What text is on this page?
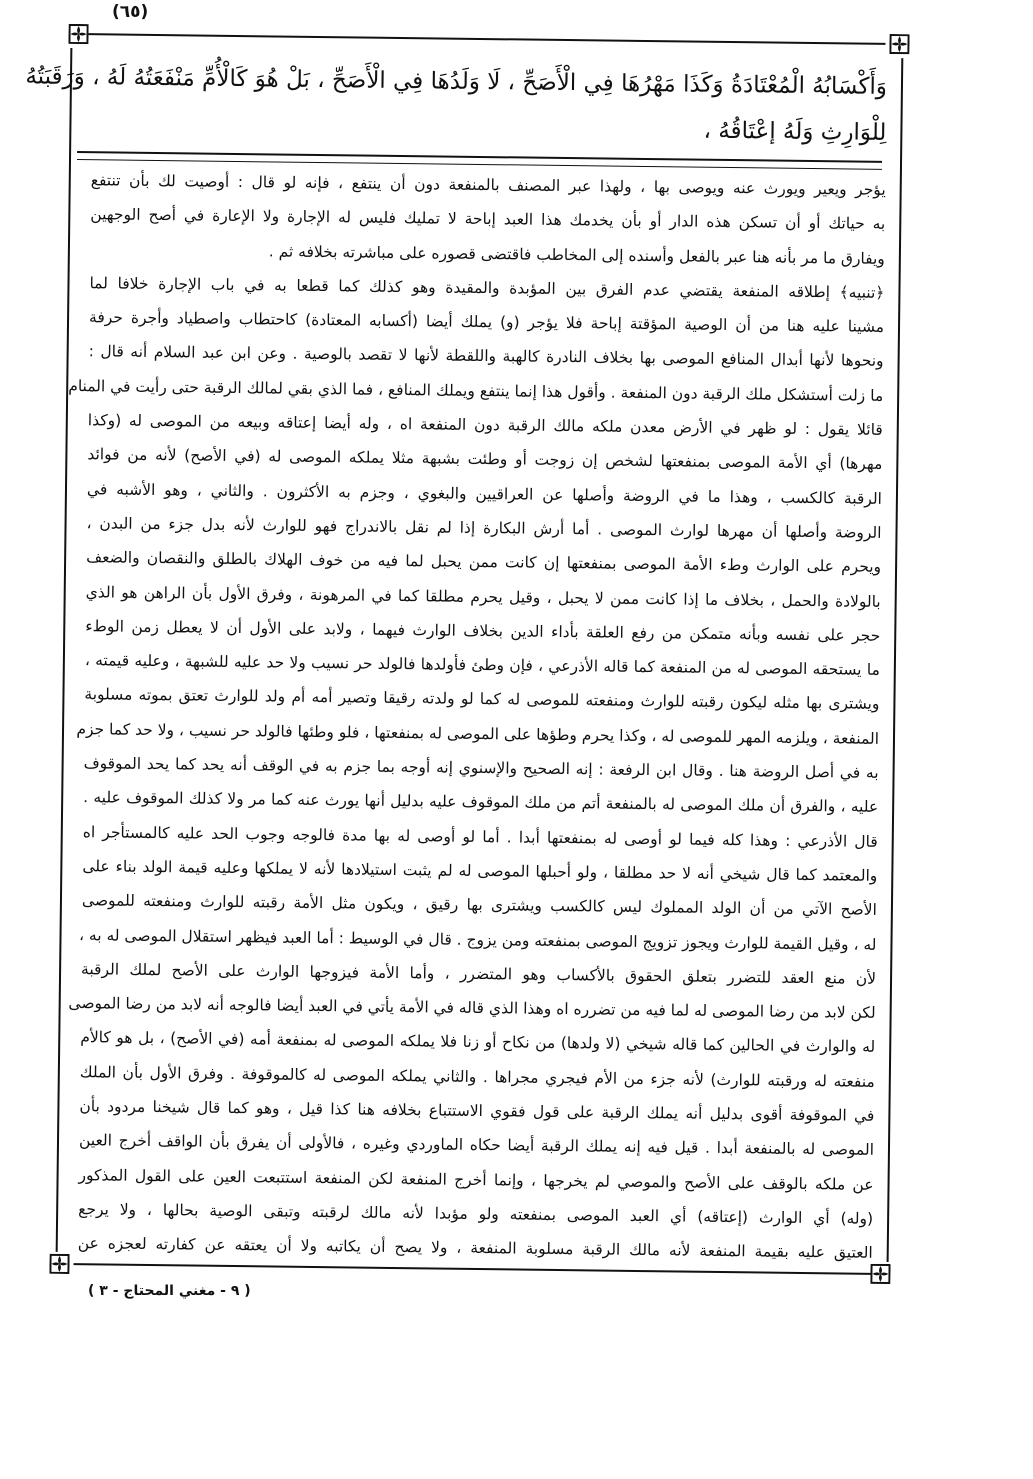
(٦٥)
وَأَكْسَابُهُ الْمُعْتَادَةُ وَكَذَا مَهْرُهَا فِي الْأَصَحِّ ، لَا وَلَدُهَا فِي الْأَصَحِّ ، بَلْ هُوَ كَالْأُمِّ مَنْفَعَتُهُ لَهُ ، وَرَقَبَتُهُ
لِلْوَارِثِ وَلَهُ إعْتَاقُهُ ،
يؤجر ويعير ويورث عنه ويوصى بها ، ولهذا عبر المصنف بالمنفعة دون أن ينتفع ، فإنه لو قال : أوصيت لك بأن تنتفع
به حياتك أو أن تسكن هذه الدار أو بأن يخدمك هذا العبد إباحة لا تمليك فليس له الإجارة ولا الإعارة في أصح الوجهين
ويفارق ما مر بأنه هنا عبر بالفعل وأسنده إلى المخاطب فاقتضى قصوره على مباشرته بخلافه ثم .
﴿تنبيه﴾ إطلاقه المنفعة يقتضي عدم الفرق بين المؤبدة والمقيدة وهو كذلك كما قطعا به في باب الإجارة خلافا لما
مشينا عليه هنا من أن الوصية المؤقتة إباحة فلا يؤجر (و) يملك أيضا (أكسابه المعتادة) كاحتطاب واصطياد وأجرة حرفة
ونحوها لأنها أبدال المنافع الموصى بها بخلاف النادرة كالهبة واللقطة لأنها لا تقصد بالوصية . وعن ابن عبد السلام أنه قال :
ما زلت أستشكل ملك الرقبة دون المنفعة . وأقول هذا إنما ينتفع ويملك المنافع ، فما الذي بقي لمالك الرقبة حتى رأيت في المنام
قائلا يقول : لو ظهر في الأرض معدن ملكه مالك الرقبة دون المنفعة اه ، وله أيضا إعتاقه وبيعه من الموصى له (وكذا
مهرها) أي الأمة الموصى بمنفعتها لشخص إن زوجت أو وطئت بشبهة مثلا يملكه الموصى له (في الأصح) لأنه من فوائد
الرقبة كالكسب ، وهذا ما في الروضة وأصلها عن العراقيين والبغوي ، وجزم به الأكثرون . والثاني ، وهو الأشبه في
الروضة وأصلها أن مهرها لوارث الموصى . أما أرش البكارة إذا لم نقل بالاندراج فهو للوارث لأنه بدل جزء من البدن ،
ويحرم على الوارث وطء الأمة الموصى بمنفعتها إن كانت ممن يحبل لما فيه من خوف الهلاك بالطلق والنقصان والضعف
بالولادة والحمل ، بخلاف ما إذا كانت ممن لا يحبل ، وقيل يحرم مطلقا كما في المرهونة ، وفرق الأول بأن الراهن هو الذي
حجر على نفسه وبأنه متمكن من رفع العلقة بأداء الدين بخلاف الوارث فيهما ، ولابد على الأول أن لا يعطل زمن الوطء
ما يستحقه الموصى له من المنفعة كما قاله الأذرعي ، فإن وطئ فأولدها فالولد حر نسيب ولا حد عليه للشبهة ، وعليه قيمته ،
ويشترى بها مثله ليكون رقبته للوارث ومنفعته للموصى له كما لو ولدته رقيقا وتصير أمه أم ولد للوارث تعتق بموته مسلوبة
المنفعة ، ويلزمه المهر للموصى له ، وكذا يحرم وطؤها على الموصى له بمنفعتها ، فلو وطئها فالولد حر نسيب ، ولا حد كما جزم
به في أصل الروضة هنا . وقال ابن الرفعة : إنه الصحيح والإسنوي إنه أوجه بما جزم به في الوقف أنه يحد كما يحد الموقوف
عليه ، والفرق أن ملك الموصى له بالمنفعة أتم من ملك الموقوف عليه بدليل أنها يورث عنه كما مر ولا كذلك الموقوف عليه .
قال الأذرعي : وهذا كله فيما لو أوصى له بمنفعتها أبدا . أما لو أوصى له بها مدة فالوجه وجوب الحد عليه كالمستأجر اه
والمعتمد كما قال شيخي أنه لا حد مطلقا ، ولو أحبلها الموصى له لم يثبت استيلادها لأنه لا يملكها وعليه قيمة الولد بناء على
الأصح الآتي من أن الولد المملوك ليس كالكسب ويشترى بها رقيق ، ويكون مثل الأمة رقبته للوارث ومنفعته للموصى
له ، وقيل القيمة للوارث ويجوز تزويج الموصى بمنفعته ومن يزوج . قال في الوسيط : أما العبد فيظهر استقلال الموصى له به ،
لأن منع العقد للتضرر بتعلق الحقوق بالأكساب وهو المتضرر ، وأما الأمة فيزوجها الوارث على الأصح لملك الرقبة
لكن لابد من رضا الموصى له لما فيه من تضرره اه وهذا الذي قاله في الأمة يأتي في العبد أيضا فالوجه أنه لابد من رضا الموصى
له والوارث في الحالين كما قاله شيخي (لا ولدها) من نكاح أو زنا فلا يملكه الموصى له بمنفعة أمه (في الأصح) ، بل هو كالأم
منفعته له ورقبته للوارث) لأنه جزء من الأم فيجري مجراها . والثاني يملكه الموصى له كالموقوفة . وفرق الأول بأن الملك
في الموقوفة أقوى بدليل أنه يملك الرقبة على قول فقوي الاستتباع بخلافه هنا كذا قيل ، وهو كما قال شيخنا مردود بأن
الموصى له بالمنفعة أبدا . قيل فيه إنه يملك الرقبة أيضا حكاه الماوردي وغيره ، فالأولى أن يفرق بأن الواقف أخرج العين
عن ملكه بالوقف على الأصح والموصي لم يخرجها ، وإنما أخرج المنفعة لكن المنفعة استتبعت العين على القول المذكور
(وله) أي الوارث (إعتاقه) أي العبد الموصى بمنفعته ولو مؤبدا لأنه مالك لرقبته وتبقى الوصية بحالها ، ولا يرجع
العتيق عليه بقيمة المنفعة لأنه مالك الرقبة مسلوبة المنفعة ، ولا يصح أن يكاتبه ولا أن يعتقه عن كفارته لعجزه عن
( ٩ - مغني المحتاج - ٣ )
